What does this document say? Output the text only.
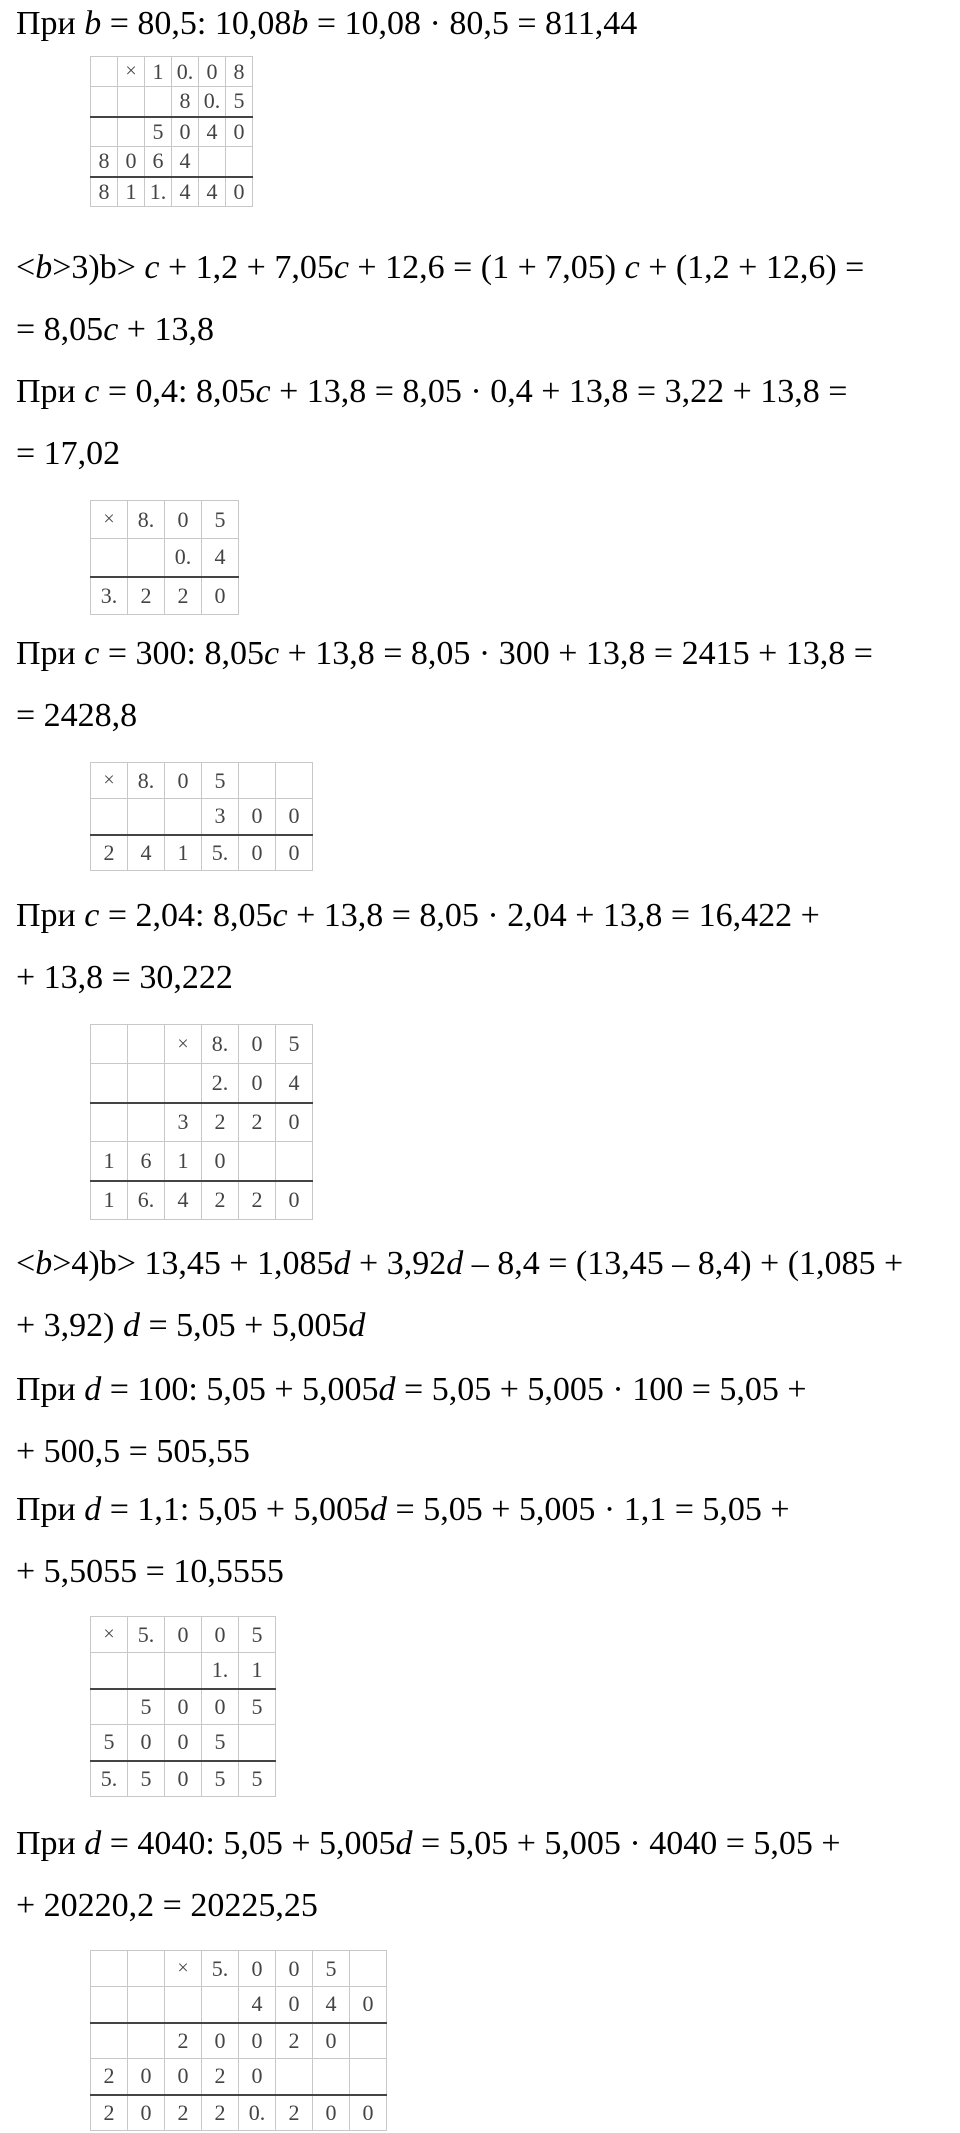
При b = 80,5: 10,08b = 10,08 · 80,5 = 811,44
<b>3)b> c + 1,2 + 7,05c + 12,6 = (1 + 7,05) c + (1,2 + 12,6) =
= 8,05c + 13,8
При c = 0,4: 8,05c + 13,8 = 8,05 · 0,4 + 13,8 = 3,22 + 13,8 =
= 17,02
При c = 300: 8,05c + 13,8 = 8,05 · 300 + 13,8 = 2415 + 13,8 =
= 2428,8
При c = 2,04: 8,05c + 13,8 = 8,05 · 2,04 + 13,8 = 16,422 +
+ 13,8 = 30,222
<b>4)b> 13,45 + 1,085d + 3,92d – 8,4 = (13,45 – 8,4) + (1,085 +
+ 3,92) d = 5,05 + 5,005d
При d = 100: 5,05 + 5,005d = 5,05 + 5,005 · 100 = 5,05 +
+ 500,5 = 505,55
При d = 1,1: 5,05 + 5,005d = 5,05 + 5,005 · 1,1 = 5,05 +
+ 5,5055 = 10,5555
При d = 4040: 5,05 + 5,005d = 5,05 + 5,005 · 4040 = 5,05 +
+ 20220,2 = 20225,25
	×	1	0.	0	8
			8	0.	5
		5	0	4	0
8	0	6	4		
8	1	1.	4	4	0
×	8.	0	5
		0.	4
3.	2	2	0
×	8.	0	5		
			3	0	0
2	4	1	5.	0	0
		×	8.	0	5
			2.	0	4
		3	2	2	0
1	6	1	0		
1	6.	4	2	2	0
×	5.	0	0	5
			1.	1
	5	0	0	5
5	0	0	5	
5.	5	0	5	5
		×	5.	0	0	5	
				4	0	4	0
		2	0	0	2	0	
2	0	0	2	0			
2	0	2	2	0.	2	0	0
